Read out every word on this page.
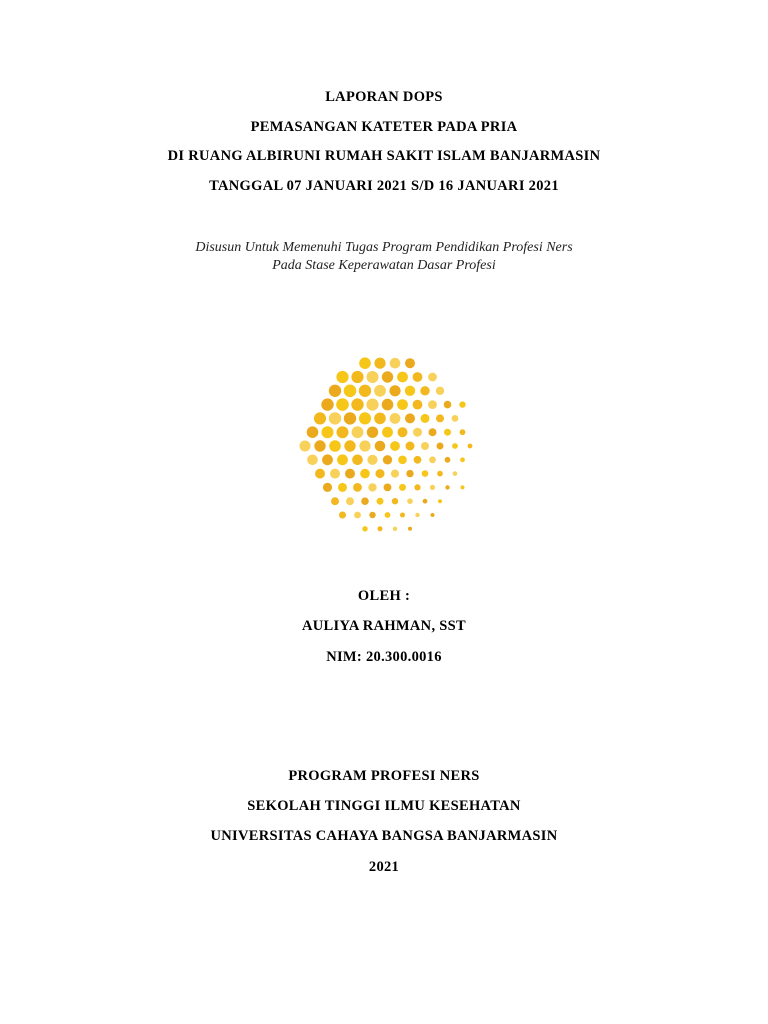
LAPORAN DOPS
PEMASANGAN KATETER PADA PRIA
DI RUANG ALBIRUNI RUMAH SAKIT ISLAM BANJARMASIN
TANGGAL 07 JANUARI 2021 S/D 16 JANUARI 2021
Disusun Untuk Memenuhi Tugas Program Pendidikan Profesi Ners
Pada Stase Keperawatan Dasar Profesi
OLEH :
AULIYA RAHMAN, SST
NIM: 20.300.0016
PROGRAM PROFESI NERS
SEKOLAH TINGGI ILMU KESEHATAN
UNIVERSITAS CAHAYA BANGSA BANJARMASIN
2021
